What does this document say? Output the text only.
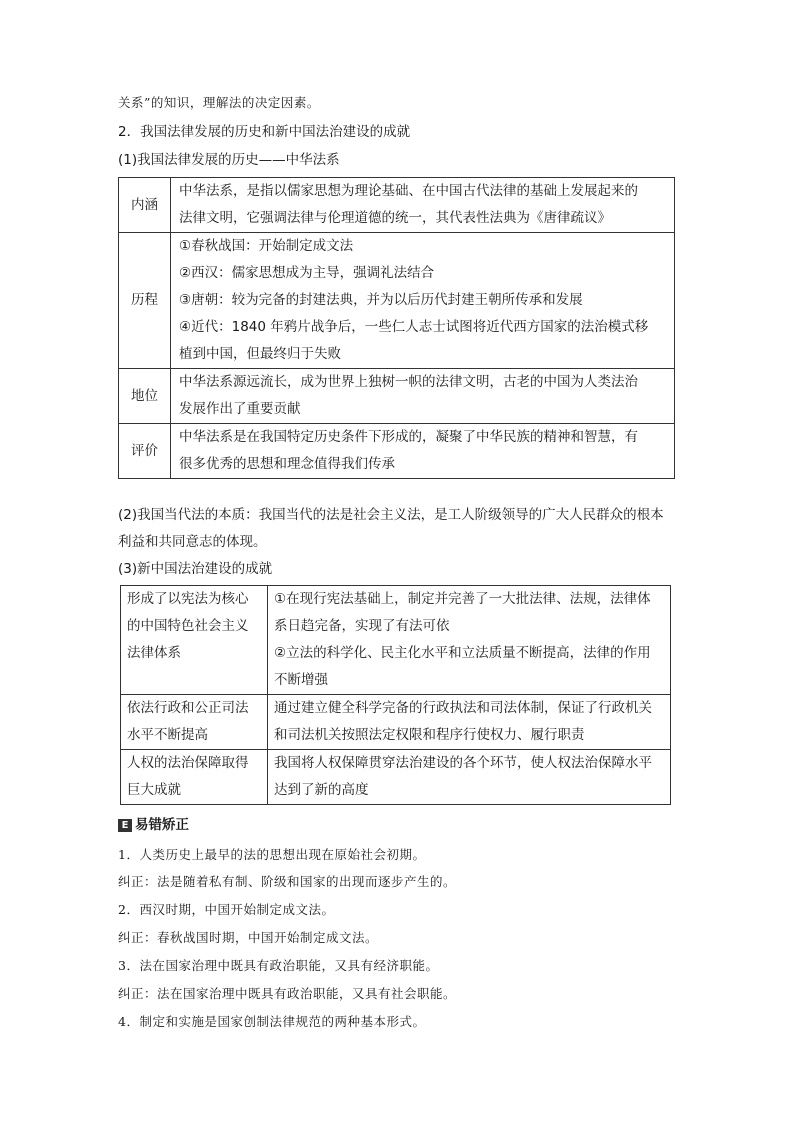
关系”的知识，理解法的决定因素。
2．我国法律发展的历史和新中国法治建设的成就
(1)我国法律发展的历史——中华法系
内涵	中华法系，是指以儒家思想为理论基础、在中国古代法律的基础上发展起来的
法律文明，它强调法律与伦理道德的统一，其代表性法典为《唐律疏议》

历程	①春秋战国：开始制定成文法
②西汉：儒家思想成为主导，强调礼法结合
③唐朝：较为完备的封建法典，并为以后历代封建王朝所传承和发展
④近代：1840 年鸦片战争后，一些仁人志士试图将近代西方国家的法治模式移
植到中国，但最终归于失败

地位	中华法系源远流长，成为世界上独树一帜的法律文明，古老的中国为人类法治
发展作出了重要贡献

评价	中华法系是在我国特定历史条件下形成的，凝聚了中华民族的精神和智慧，有
很多优秀的思想和理念值得我们传承
(2)我国当代法的本质：我国当代的法是社会主义法，是工人阶级领导的广大人民群众的根本
利益和共同意志的体现。
(3)新中国法治建设的成就
形成了以宪法为核心
的中国特色社会主义
法律体系	①在现行宪法基础上，制定并完善了一大批法律、法规，法律体
系日趋完备，实现了有法可依
②立法的科学化、民主化水平和立法质量不断提高，法律的作用
不断增强

依法行政和公正司法
水平不断提高	通过建立健全科学完备的行政执法和司法体制，保证了行政机关
和司法机关按照法定权限和程序行使权力、履行职责

人权的法治保障取得
巨大成就	我国将人权保障贯穿法治建设的各个环节，使人权法治保障水平
达到了新的高度
E 易错矫正
1．人类历史上最早的法的思想出现在原始社会初期。
纠正：法是随着私有制、阶级和国家的出现而逐步产生的。
2．西汉时期，中国开始制定成文法。
纠正：春秋战国时期，中国开始制定成文法。
3．法在国家治理中既具有政治职能，又具有经济职能。
纠正：法在国家治理中既具有政治职能，又具有社会职能。
4．制定和实施是国家创制法律规范的两种基本形式。
